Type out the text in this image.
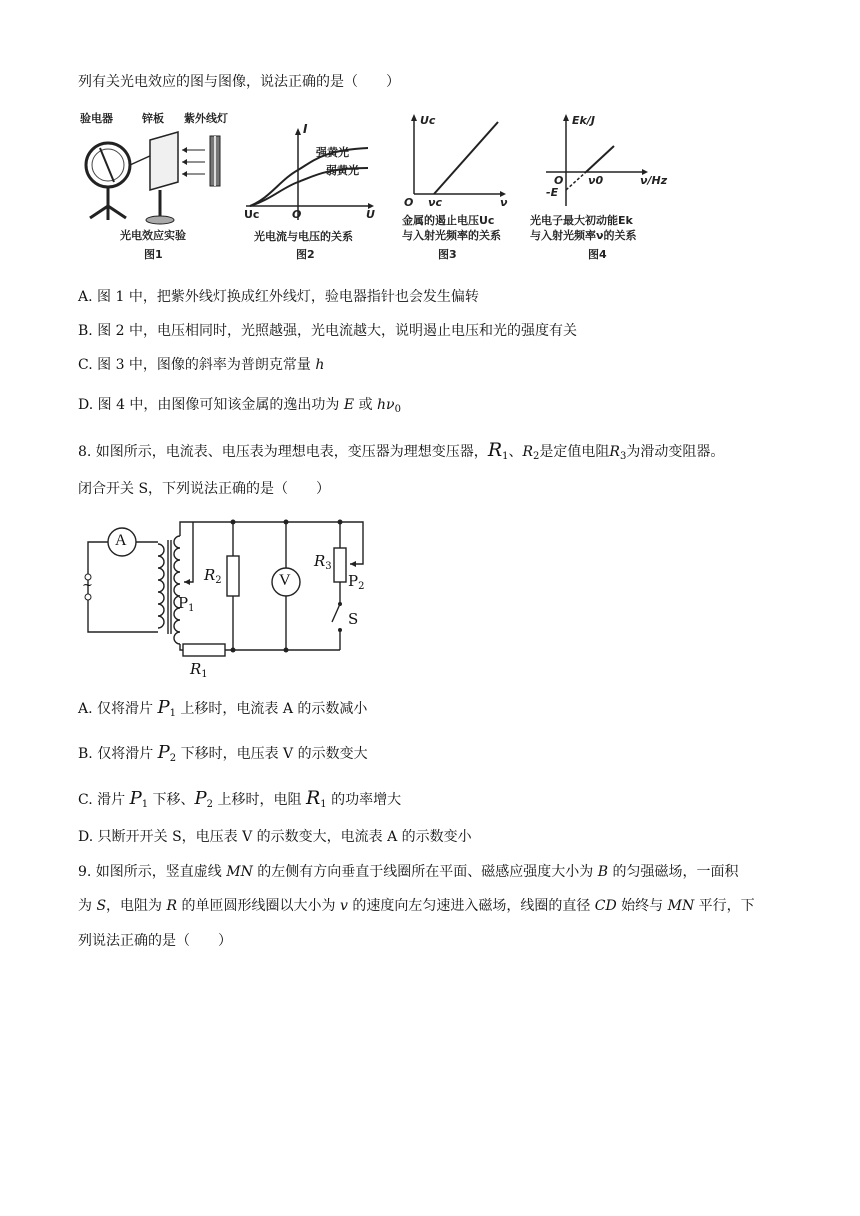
列有关光电效应的图与图像，说法正确的是（　　）
验电器	锌板 紫外线灯
光电效应实验
图1
I
强黄光
弱黄光
Uc	O	U
光电流与电压的关系
图2
Uc
O νc	ν
金属的遏止电压Uc
与入射光频率的关系
图3
Ek/J
O ν0	ν/Hz
-E
光电子最大初动能Ek
与入射光频率ν的关系
图4
A. 图 1 中，把紫外线灯换成红外线灯，验电器指针也会发生偏转
B. 图 2 中，电压相同时，光照越强，光电流越大，说明遏止电压和光的强度有关
C. 图 3 中，图像的斜率为普朗克常量 h
D. 图 4 中，由图像可知该金属的逸出功为 E 或 $h\nu_0$
8. 如图所示，电流表、电压表为理想电表，变压器为理想变压器，$R_1$、$R_2$是定值电阻$R_3$为滑动变阻器。
闭合开关 S，下列说法正确的是（　　）
A
V
~
$R_1$
$R_2$
$R_3$
$P_1$
$P_2$
S
A. 仅将滑片 $P_1$ 上移时，电流表 A 的示数减小
B. 仅将滑片 $P_2$ 下移时，电压表 V 的示数变大
C. 滑片 $P_1$ 下移、$P_2$ 上移时，电阻 $R_1$ 的功率增大
D. 只断开开关 S，电压表 V 的示数变大，电流表 A 的示数变小
9. 如图所示，竖直虚线 MN 的左侧有方向垂直于线圈所在平面、磁感应强度大小为 B 的匀强磁场，一面积
为 S，电阻为 R 的单匝圆形线圈以大小为 v 的速度向左匀速进入磁场，线圈的直径 CD 始终与 MN 平行，下
列说法正确的是（　　）
